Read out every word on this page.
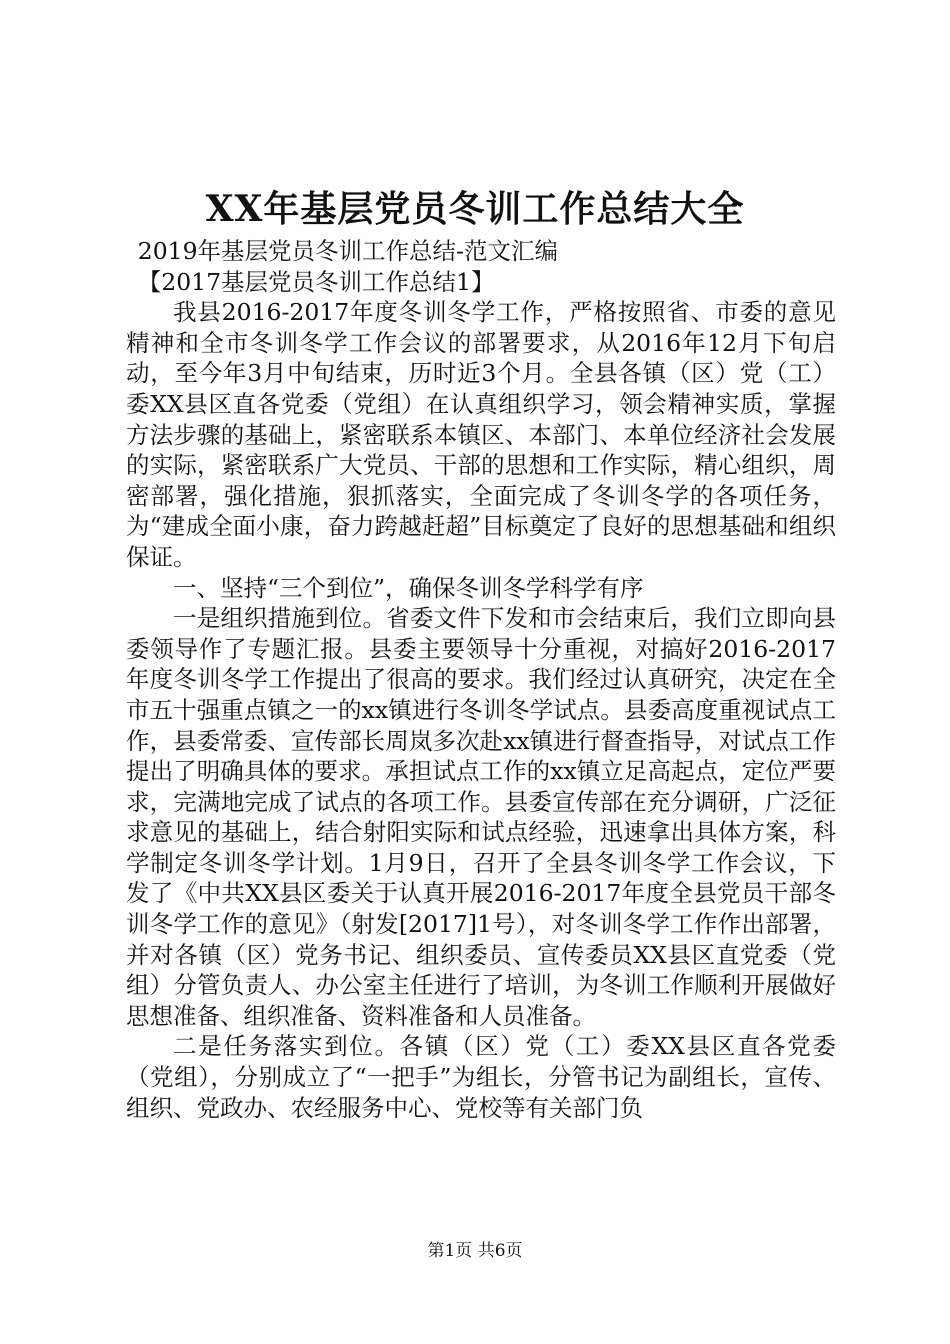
XX年基层党员冬训工作总结大全

2019年基层党员冬训工作总结-范文汇编

【2017基层党员冬训工作总结1】

我县2016-2017年度冬训冬学工作，严格按照省、市委的意见精神和全市冬训冬学工作会议的部署要求，从2016年12月下旬启动，至今年3月中旬结束，历时近3个月。全县各镇（区）党（工）委XX县区直各党委（党组）在认真组织学习，领会精神实质，掌握方法步骤的基础上，紧密联系本镇区、本部门、本单位经济社会发展的实际，紧密联系广大党员、干部的思想和工作实际，精心组织，周密部署，强化措施，狠抓落实，全面完成了冬训冬学的各项任务，为“建成全面小康，奋力跨越赶超”目标奠定了良好的思想基础和组织保证。

一、坚持“三个到位”，确保冬训冬学科学有序

一是组织措施到位。省委文件下发和市会结束后，我们立即向县委领导作了专题汇报。县委主要领导十分重视，对搞好2016-2017年度冬训冬学工作提出了很高的要求。我们经过认真研究，决定在全市五十强重点镇之一的xx镇进行冬训冬学试点。县委高度重视试点工作，县委常委、宣传部长周岚多次赴xx镇进行督查指导，对试点工作提出了明确具体的要求。承担试点工作的xx镇立足高起点，定位严要求，完满地完成了试点的各项工作。县委宣传部在充分调研，广泛征求意见的基础上，结合射阳实际和试点经验，迅速拿出具体方案，科学制定冬训冬学计划。1月9日，召开了全县冬训冬学工作会议，下发了《中共XX县区委关于认真开展2016-2017年度全县党员干部冬训冬学工作的意见》（射发[2017]1号），对冬训冬学工作作出部署，并对各镇（区）党务书记、组织委员、宣传委员XX县区直党委（党组）分管负责人、办公室主任进行了培训，为冬训工作顺利开展做好思想准备、组织准备、资料准备和人员准备。

二是任务落实到位。各镇（区）党（工）委XX县区直各党委（党组），分别成立了“一把手”为组长，分管书记为副组长，宣传、组织、党政办、农经服务中心、党校等有关部门负

第1页 共6页
